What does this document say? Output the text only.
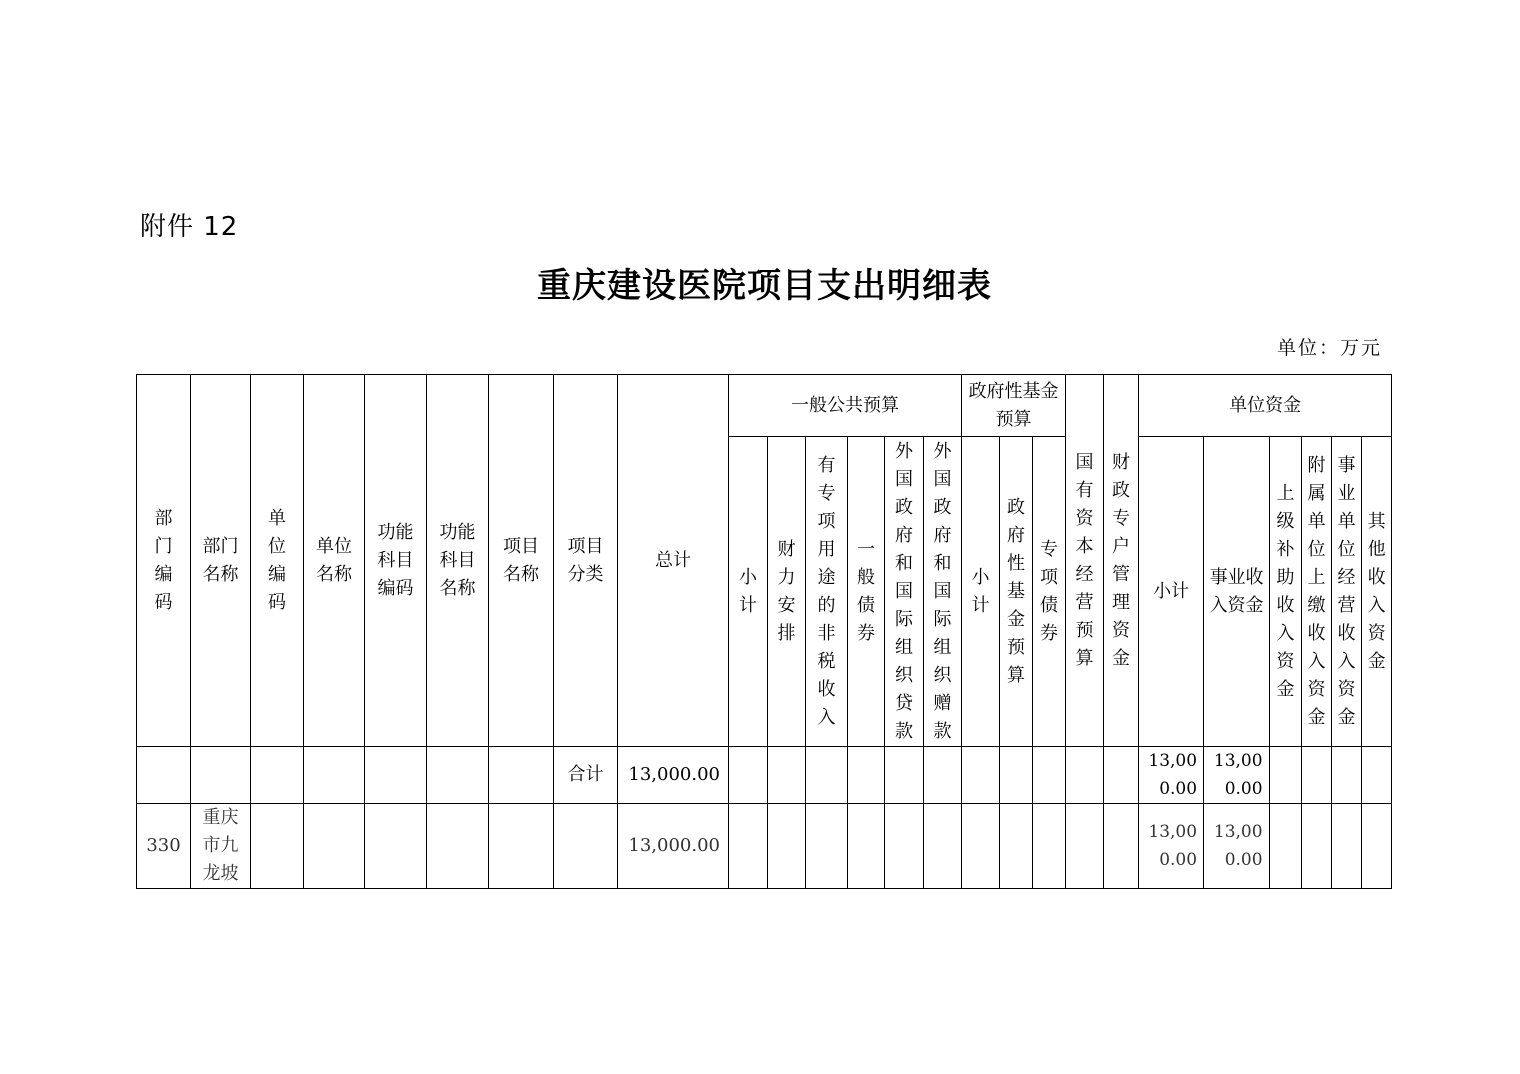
附件 12
重庆建设医院项目支出明细表
单位：万元
部门编码	部门名称	单位编码	单位名称	功能科目编码	功能科目名称	项目名称	项目分类	总计	一般公共预算						政府性基金预算			国有资本经营预算	财政专户管理资金	单位资金					
									小计	财力安排	有专项用途的非税收入	一般债券	外国政府和国际组织贷款	外国政府和国际组织赠款	小计	政府性基金预算	专项债券			小计	事业收入资金	上级补助收入资金	附属单位上缴收入资金	事业单位经营收入资金	其他收入资金
							合计	13,000.00												13,000.00	13,000.00				
330	重庆市九龙坡							13,000.00												13,000.00	13,000.00				
